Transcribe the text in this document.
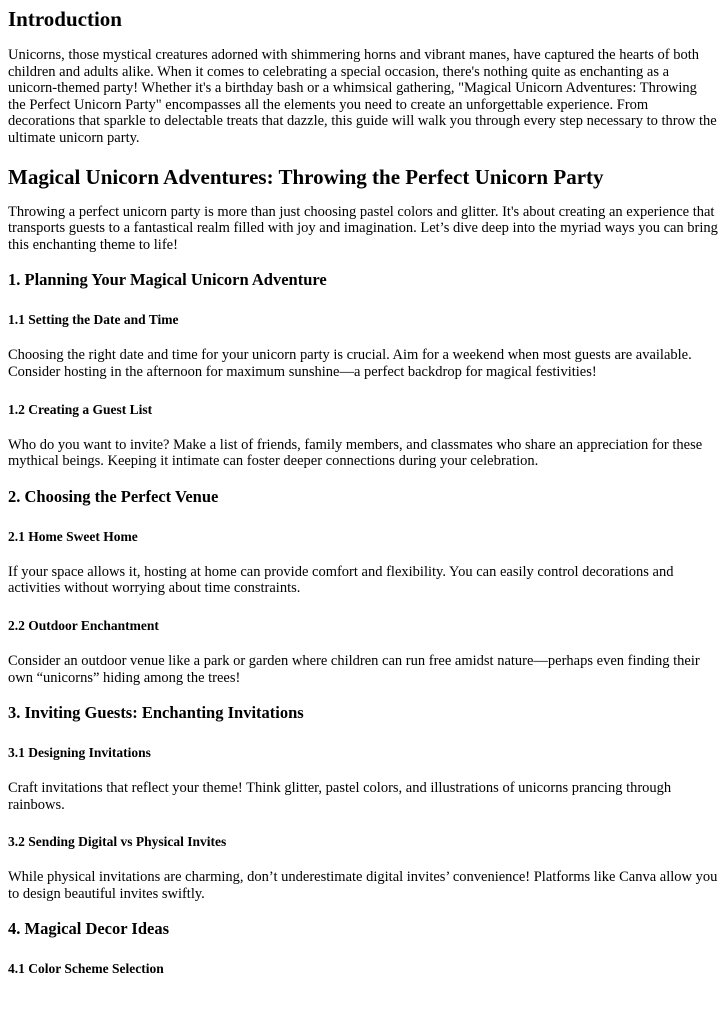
Introduction

Unicorns, those mystical creatures adorned with shimmering horns and vibrant manes, have captured the hearts of both children and adults alike. When it comes to celebrating a special occasion, there's nothing quite as enchanting as a unicorn-themed party! Whether it's a birthday bash or a whimsical gathering, "Magical Unicorn Adventures: Throwing the Perfect Unicorn Party" encompasses all the elements you need to create an unforgettable experience. From decorations that sparkle to delectable treats that dazzle, this guide will walk you through every step necessary to throw the ultimate unicorn party.

Magical Unicorn Adventures: Throwing the Perfect Unicorn Party

Throwing a perfect unicorn party is more than just choosing pastel colors and glitter. It's about creating an experience that transports guests to a fantastical realm filled with joy and imagination. Let’s dive deep into the myriad ways you can bring this enchanting theme to life!

1. Planning Your Magical Unicorn Adventure
1.1 Setting the Date and Time

Choosing the right date and time for your unicorn party is crucial. Aim for a weekend when most guests are available. Consider hosting in the afternoon for maximum sunshine—a perfect backdrop for magical festivities!

1.2 Creating a Guest List

Who do you want to invite? Make a list of friends, family members, and classmates who share an appreciation for these mythical beings. Keeping it intimate can foster deeper connections during your celebration.

2. Choosing the Perfect Venue
2.1 Home Sweet Home

If your space allows it, hosting at home can provide comfort and flexibility. You can easily control decorations and activities without worrying about time constraints.

2.2 Outdoor Enchantment

Consider an outdoor venue like a park or garden where children can run free amidst nature—perhaps even finding their own “unicorns” hiding among the trees!

3. Inviting Guests: Enchanting Invitations
3.1 Designing Invitations

Craft invitations that reflect your theme! Think glitter, pastel colors, and illustrations of unicorns prancing through rainbows.

3.2 Sending Digital vs Physical Invites

While physical invitations are charming, don’t underestimate digital invites’ convenience! Platforms like Canva allow you to design beautiful invites swiftly.

4. Magical Decor Ideas
4.1 Color Scheme Selection
